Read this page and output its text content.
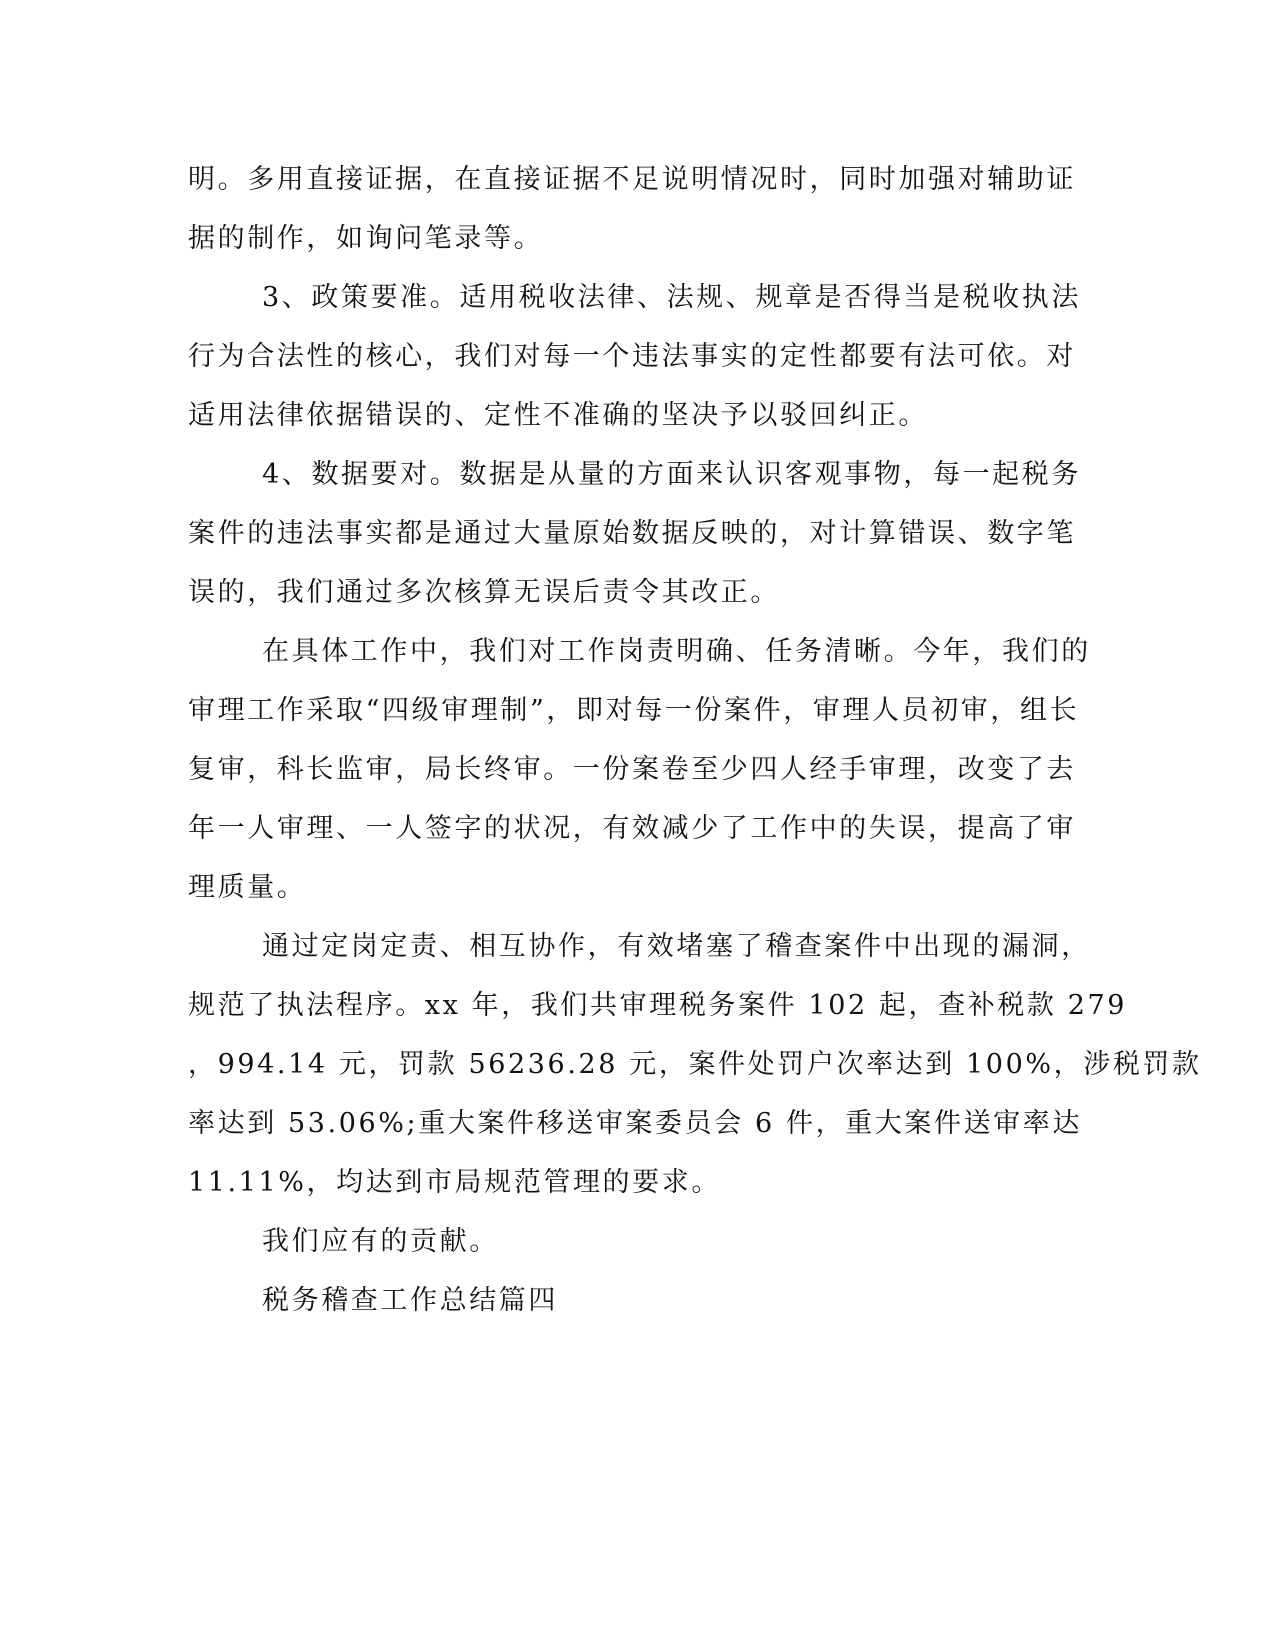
明。多用直接证据，在直接证据不足说明情况时，同时加强对辅助证

据的制作，如询问笔录等。

3、政策要准。适用税收法律、法规、规章是否得当是税收执法

行为合法性的核心，我们对每一个违法事实的定性都要有法可依。对

适用法律依据错误的、定性不准确的坚决予以驳回纠正。

4、数据要对。数据是从量的方面来认识客观事物，每一起税务

案件的违法事实都是通过大量原始数据反映的，对计算错误、数字笔

误的，我们通过多次核算无误后责令其改正。

在具体工作中，我们对工作岗责明确、任务清晰。今年，我们的

审理工作采取“四级审理制”，即对每一份案件，审理人员初审，组长

复审，科长监审，局长终审。一份案卷至少四人经手审理，改变了去

年一人审理、一人签字的状况，有效减少了工作中的失误，提高了审

理质量。

通过定岗定责、相互协作，有效堵塞了稽查案件中出现的漏洞，

规范了执法程序。xx 年，我们共审理税务案件 102 起，查补税款 279

，994.14 元，罚款 56236.28 元，案件处罚户次率达到 100%，涉税罚款

率达到 53.06%;重大案件移送审案委员会 6 件，重大案件送审率达

11.11%，均达到市局规范管理的要求。

我们应有的贡献。

税务稽查工作总结篇四
